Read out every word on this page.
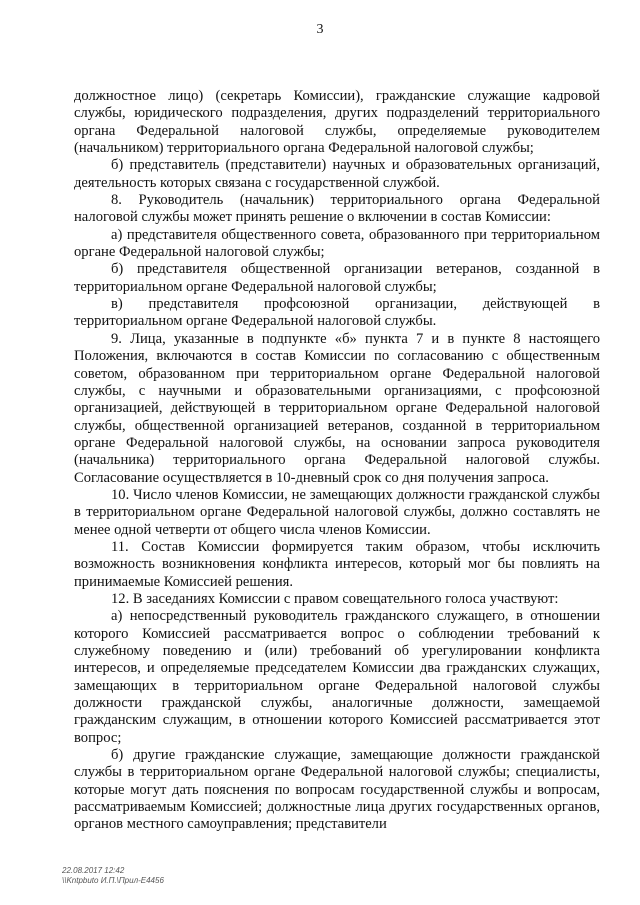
3

должностное лицо) (секретарь Комиссии), гражданские служащие кадровой службы, юридического подразделения, других подразделений территориального органа Федеральной налоговой службы, определяемые руководителем (начальником) территориального органа Федеральной налоговой службы;

б) представитель (представители) научных и образовательных организаций, деятельность которых связана с государственной службой.

8. Руководитель (начальник) территориального органа Федеральной налоговой службы может принять решение о включении в состав Комиссии:

а) представителя общественного совета, образованного при территориальном органе Федеральной налоговой службы;

б) представителя общественной организации ветеранов, созданной в территориальном органе Федеральной налоговой службы;

в) представителя профсоюзной организации, действующей в территориальном органе Федеральной налоговой службы.

9. Лица, указанные в подпункте «б» пункта 7 и в пункте 8 настоящего Положения, включаются в состав Комиссии по согласованию с общественным советом, образованном при территориальном органе Федеральной налоговой службы, с научными и образовательными организациями, с профсоюзной организацией, действующей в территориальном органе Федеральной налоговой службы, общественной организацией ветеранов, созданной в территориальном органе Федеральной налоговой службы, на основании запроса руководителя (начальника) территориального органа Федеральной налоговой службы. Согласование осуществляется в 10-дневный срок со дня получения запроса.

10. Число членов Комиссии, не замещающих должности гражданской службы в территориальном органе Федеральной налоговой службы, должно составлять не менее одной четверти от общего числа членов Комиссии.

11. Состав Комиссии формируется таким образом, чтобы исключить возможность возникновения конфликта интересов, который мог бы повлиять на принимаемые Комиссией решения.

12. В заседаниях Комиссии с правом совещательного голоса участвуют:

а) непосредственный руководитель гражданского служащего, в отношении которого Комиссией рассматривается вопрос о соблюдении требований к служебному поведению и (или) требований об урегулировании конфликта интересов, и определяемые председателем Комиссии два гражданских служащих, замещающих в территориальном органе Федеральной налоговой службы должности гражданской службы, аналогичные должности, замещаемой гражданским служащим, в отношении которого Комиссией рассматривается этот вопрос;

б) другие гражданские служащие, замещающие должности гражданской службы в территориальном органе Федеральной налоговой службы; специалисты, которые могут дать пояснения по вопросам государственной службы и вопросам, рассматриваемым Комиссией; должностные лица других государственных органов, органов местного самоуправления; представители

22.08.2017 12:42
\\Kntpbuto И.П.\Прил-E4456
